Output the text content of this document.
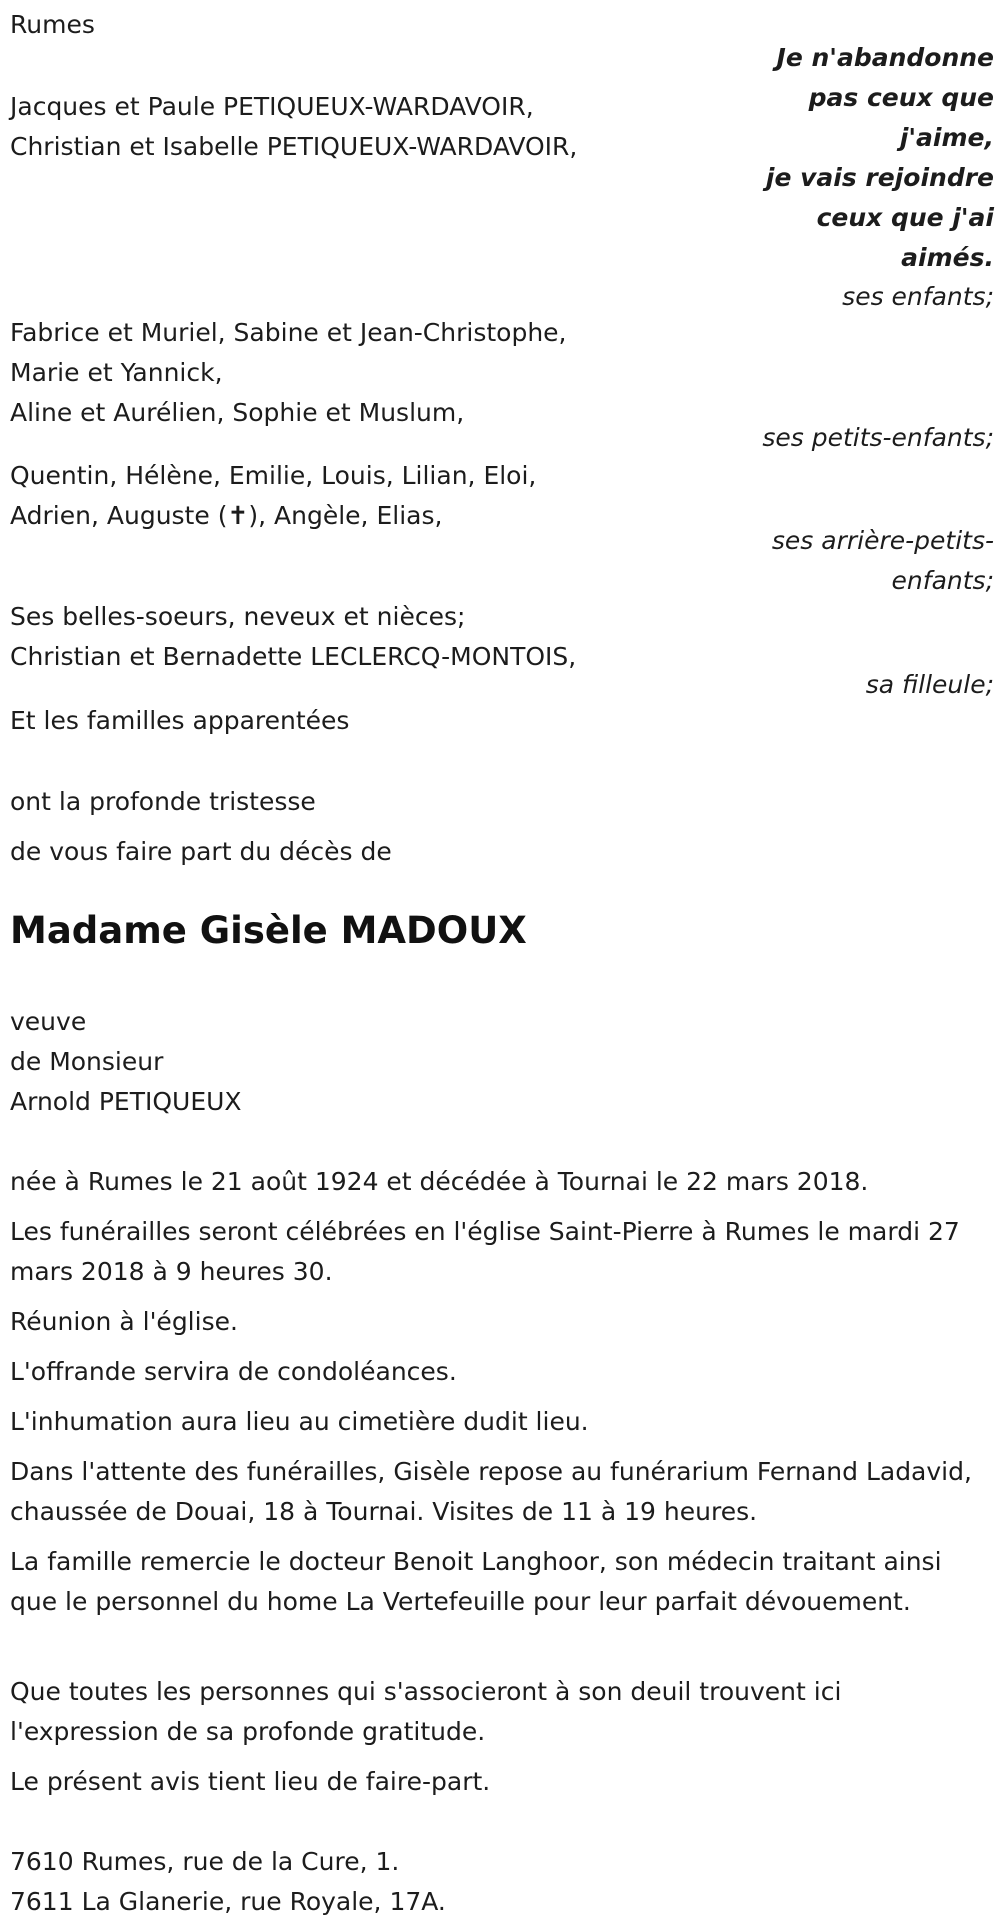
Rumes
Je n'abandonne
pas ceux que
j'aime,
je vais rejoindre
ceux que j'ai
aimés.
Jacques et Paule PETIQUEUX-WARDAVOIR,
Christian et Isabelle PETIQUEUX-WARDAVOIR,
ses enfants;
Fabrice et Muriel, Sabine et Jean-Christophe,
Marie et Yannick,
Aline et Aurélien, Sophie et Muslum,
ses petits-enfants;
Quentin, Hélène, Emilie, Louis, Lilian, Eloi,
Adrien, Auguste (✝), Angèle, Elias,
ses arrière-petits-
enfants;
Ses belles-soeurs, neveux et nièces;
Christian et Bernadette LECLERCQ-MONTOIS,
sa filleule;
Et les familles apparentées
ont la profonde tristesse
de vous faire part du décès de
Madame Gisèle MADOUX
veuve
de Monsieur
Arnold PETIQUEUX
née à Rumes le 21 août 1924 et décédée à Tournai le 22 mars 2018.
Les funérailles seront célébrées en l'église Saint-Pierre à Rumes le mardi 27 mars 2018 à 9 heures 30.
Réunion à l'église.
L'offrande servira de condoléances.
L'inhumation aura lieu au cimetière dudit lieu.
Dans l'attente des funérailles, Gisèle repose au funérarium Fernand Ladavid, chaussée de Douai, 18 à Tournai. Visites de 11 à 19 heures.
La famille remercie le docteur Benoit Langhoor, son médecin traitant ainsi que le personnel du home La Vertefeuille pour leur parfait dévouement.
Que toutes les personnes qui s'associeront à son deuil trouvent ici l'expression de sa profonde gratitude.
Le présent avis tient lieu de faire-part.
7610 Rumes, rue de la Cure, 1.
7611 La Glanerie, rue Royale, 17A.
